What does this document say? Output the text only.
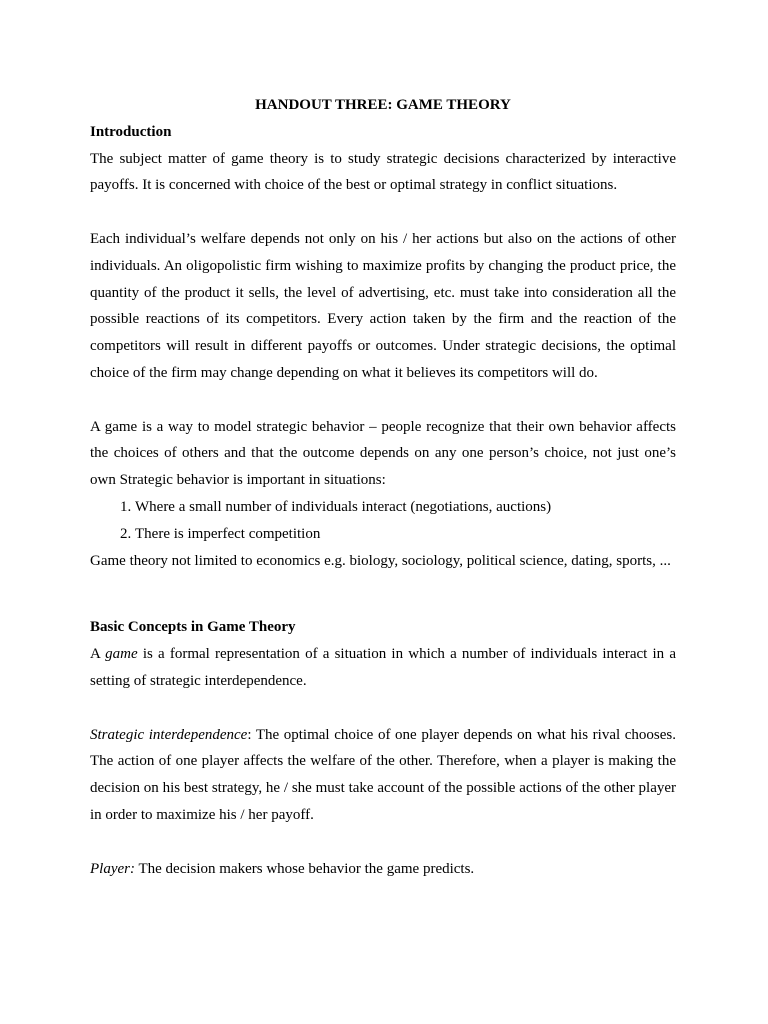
HANDOUT THREE: GAME THEORY

Introduction

The subject matter of game theory is to study strategic decisions characterized by interactive payoffs. It is concerned with choice of the best or optimal strategy in conflict situations.

Each individual’s welfare depends not only on his / her actions but also on the actions of other individuals. An oligopolistic firm wishing to maximize profits by changing the product price, the quantity of the product it sells, the level of advertising, etc. must take into consideration all the possible reactions of its competitors. Every action taken by the firm and the reaction of the competitors will result in different payoffs or outcomes. Under strategic decisions, the optimal choice of the firm may change depending on what it believes its competitors will do.

A game is a way to model strategic behavior – people recognize that their own behavior affects the choices of others and that the outcome depends on any one person’s choice, not just one’s own Strategic behavior is important in situations:

1. Where a small number of individuals interact (negotiations, auctions)
2. There is imperfect competition

Game theory not limited to economics e.g. biology, sociology, political science, dating, sports, ...

Basic Concepts in Game Theory

A game is a formal representation of a situation in which a number of individuals interact in a setting of strategic interdependence.

Strategic interdependence: The optimal choice of one player depends on what his rival chooses. The action of one player affects the welfare of the other. Therefore, when a player is making the decision on his best strategy, he / she must take account of the possible actions of the other player in order to maximize his / her payoff.

Player: The decision makers whose behavior the game predicts.
